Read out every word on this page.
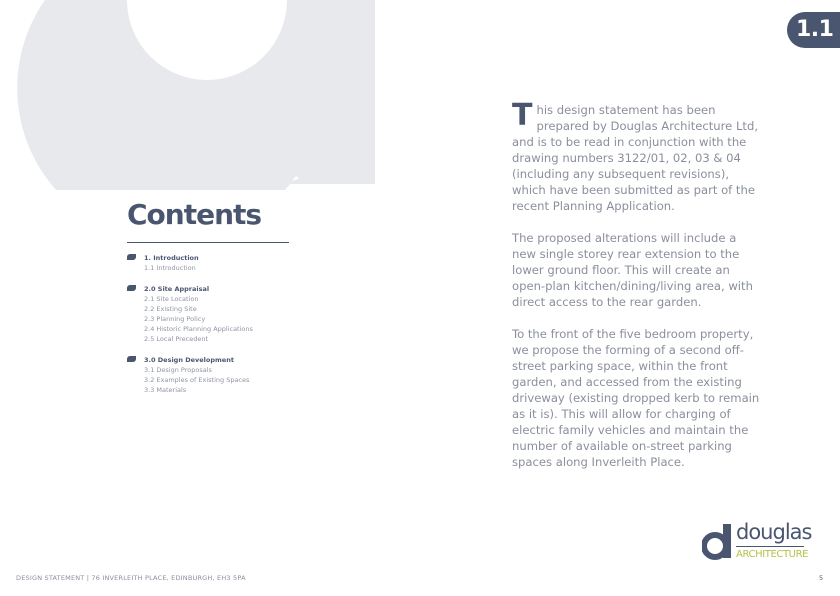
1.1
Contents
1. Introduction
1.1 Introduction
2.0 Site Appraisal
2.1 Site Location
2.2 Existing Site
2.3 Planning Policy
2.4 Historic Planning Applications
2.5 Local Precedent
3.0 Design Development
3.1 Design Proposals
3.2 Examples of Existing Spaces
3.3 Materials

This design statement has been prepared by Douglas Architecture Ltd, and is to be read in conjunction with the drawing numbers 3122/01, 02, 03 & 04 (including any subsequent revisions), which have been submitted as part of the recent Planning Application.

The proposed alterations will include a new single storey rear extension to the lower ground floor. This will create an open-plan kitchen/dining/living area, with direct access to the rear garden.

To the front of the five bedroom property, we propose the forming of a second off-street parking space, within the front garden, and accessed from the existing driveway (existing dropped kerb to remain as it is). This will allow for charging of electric family vehicles and maintain the number of available on-street parking spaces along Inverleith Place.

douglas
ARCHITECTURE
DESIGN STATEMENT | 76 INVERLEITH PLACE, EDINBURGH, EH3 5PA	5
